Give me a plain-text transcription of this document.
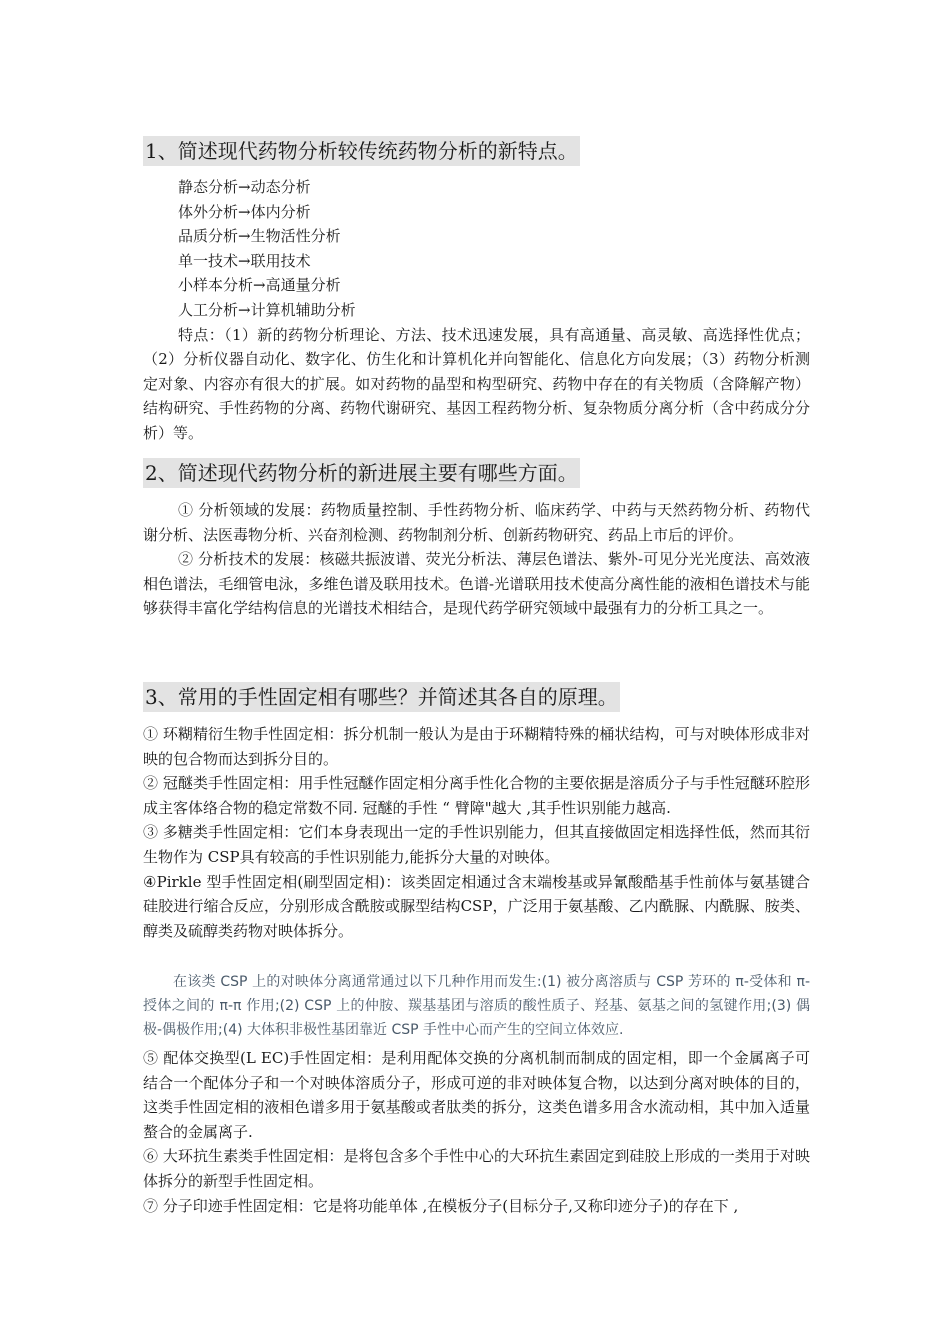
1、简述现代药物分析较传统药物分析的新特点。
静态分析→动态分析
体外分析→体内分析
品质分析→生物活性分析
单一技术→联用技术
小样本分析→高通量分析
人工分析→计算机辅助分析

特点：（1）新的药物分析理论、方法、技术迅速发展，具有高通量、高灵敏、高选择性优点；（2）分析仪器自动化、数字化、仿生化和计算机化并向智能化、信息化方向发展；（3）药物分析测定对象、内容亦有很大的扩展。如对药物的晶型和构型研究、药物中存在的有关物质（含降解产物）结构研究、手性药物的分离、药物代谢研究、基因工程药物分析、复杂物质分离分析（含中药成分分析）等。

2、简述现代药物分析的新进展主要有哪些方面。

① 分析领域的发展：药物质量控制、手性药物分析、临床药学、中药与天然药物分析、药物代谢分析、法医毒物分析、兴奋剂检测、药物制剂分析、创新药物研究、药品上市后的评价。

② 分析技术的发展：核磁共振波谱、荧光分析法、薄层色谱法、紫外-可见分光光度法、高效液相色谱法，毛细管电泳，多维色谱及联用技术。色谱-光谱联用技术使高分离性能的液相色谱技术与能够获得丰富化学结构信息的光谱技术相结合，是现代药学研究领域中最强有力的分析工具之一。

3、常用的手性固定相有哪些？并简述其各自的原理。

① 环糊精衍生物手性固定相：拆分机制一般认为是由于环糊精特殊的桶状结构，可与对映体形成非对映的包合物而达到拆分目的。

② 冠醚类手性固定相：用手性冠醚作固定相分离手性化合物的主要依据是溶质分子与手性冠醚环腔形成主客体络合物的稳定常数不同. 冠醚的手性 “ 臂障"越大 ,其手性识别能力越高.

③ 多糖类手性固定相：它们本身表现出一定的手性识别能力，但其直接做固定相选择性低，然而其衍生物作为 CSP具有较高的手性识别能力,能拆分大量的对映体。

④Pirkle 型手性固定相(刷型固定相)：该类固定相通过含末端梭基或异氰酸酷基手性前体与氨基键合硅胶进行缩合反应，分别形成含酰胺或脲型结构CSP，广泛用于氨基酸、乙内酰脲、内酰脲、胺类、醇类及硫醇类药物对映体拆分。

在该类 CSP 上的对映体分离通常通过以下几种作用而发生:(1) 被分离溶质与 CSP 芳环的 π-受体和 π-授体之间的 π-π 作用;(2) CSP 上的仲胺、羰基基团与溶质的酸性质子、羟基、氨基之间的氢键作用;(3) 偶极-偶极作用;(4) 大体积非极性基团靠近 CSP 手性中心而产生的空间立体效应.

⑤ 配体交换型(L EC)手性固定相：是利用配体交换的分离机制而制成的固定相，即一个金属离子可结合一个配体分子和一个对映体溶质分子，形成可逆的非对映体复合物，以达到分离对映体的目的，这类手性固定相的液相色谱多用于氨基酸或者肽类的拆分，这类色谱多用含水流动相，其中加入适量螯合的金属离子.

⑥ 大环抗生素类手性固定相：是将包含多个手性中心的大环抗生素固定到硅胶上形成的一类用于对映体拆分的新型手性固定相。

⑦ 分子印迹手性固定相：它是将功能单体 ,在模板分子(目标分子,又称印迹分子)的存在下 ,
